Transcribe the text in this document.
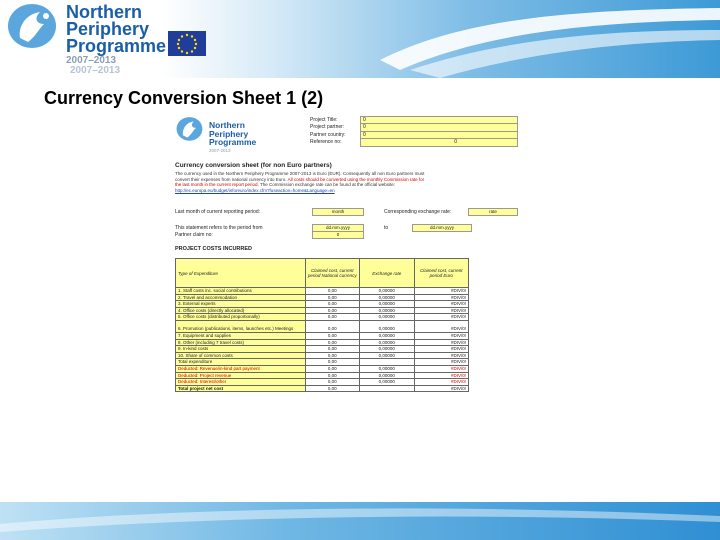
Northern
Periphery
Programme
2007–2013
2007–2013
Currency Conversion Sheet 1 (2)
Northern
Periphery
Programme
2007-2013
Project Title:	0
Project partner:	0
Partner country:	0
Reference no:	0
Currency conversion sheet (for non Euro partners)
The currency used in the Northern Periphery Programme 2007-2013 is Euro (EUR). Consequently all non Euro partners must
convert their expenses from national currency into Euro. All costs should be converted using the monthly Commission rate for
the last month in the current report period. The Commission exchange rate can be found at the official website:
http://ec.europa.eu/budget/inforeuro/index.cfm?fuseaction=home&Language=en
Last month of current reporting period:	month	Corresponding exchange rate:	rate
This statement refers to the period from	dd.mm.yyyy	to	dd.mm.yyyy
Partner claim no:	0
PROJECT COSTS INCURRED
Type of Expenditure	Claimed cost, current period National currency	Exchange rate	Claimed cost, current period Euro
1. Staff costs inc. social contributions	0,00	0,00000	#DIV/0!
2. Travel and accommodation	0,00	0,00000	#DIV/0!
3. External experts	0,00	0,00000	#DIV/0!
4. Office costs (directly allocated)	0,00	0,00000	#DIV/0!
5. Office costs (distributed proportionally)	0,00	0,00000	#DIV/0!
6. Promotion (publications, items, launches etc.) Meetings	0,00	0,00000	#DIV/0!
7. Equipment and supplies	0,00	0,00000	#DIV/0!
8. Other (including 7 travel costs)	0,00	0,00000	#DIV/0!
9. In-kind costs	0,00	0,00000	#DIV/0!
10. Share of common costs	0,00	0,00000	#DIV/0!
Total expenditure	0,00		#DIV/0!
Deducted: Revenue/in-kind part payment	0,00	0,00000	#DIV/0!
Deducted: Project revenue	0,00	0,00000	#DIV/0!
Deducted: Interest/other	0,00	0,00000	#DIV/0!
Total project net cost	0,00		#DIV/0!
